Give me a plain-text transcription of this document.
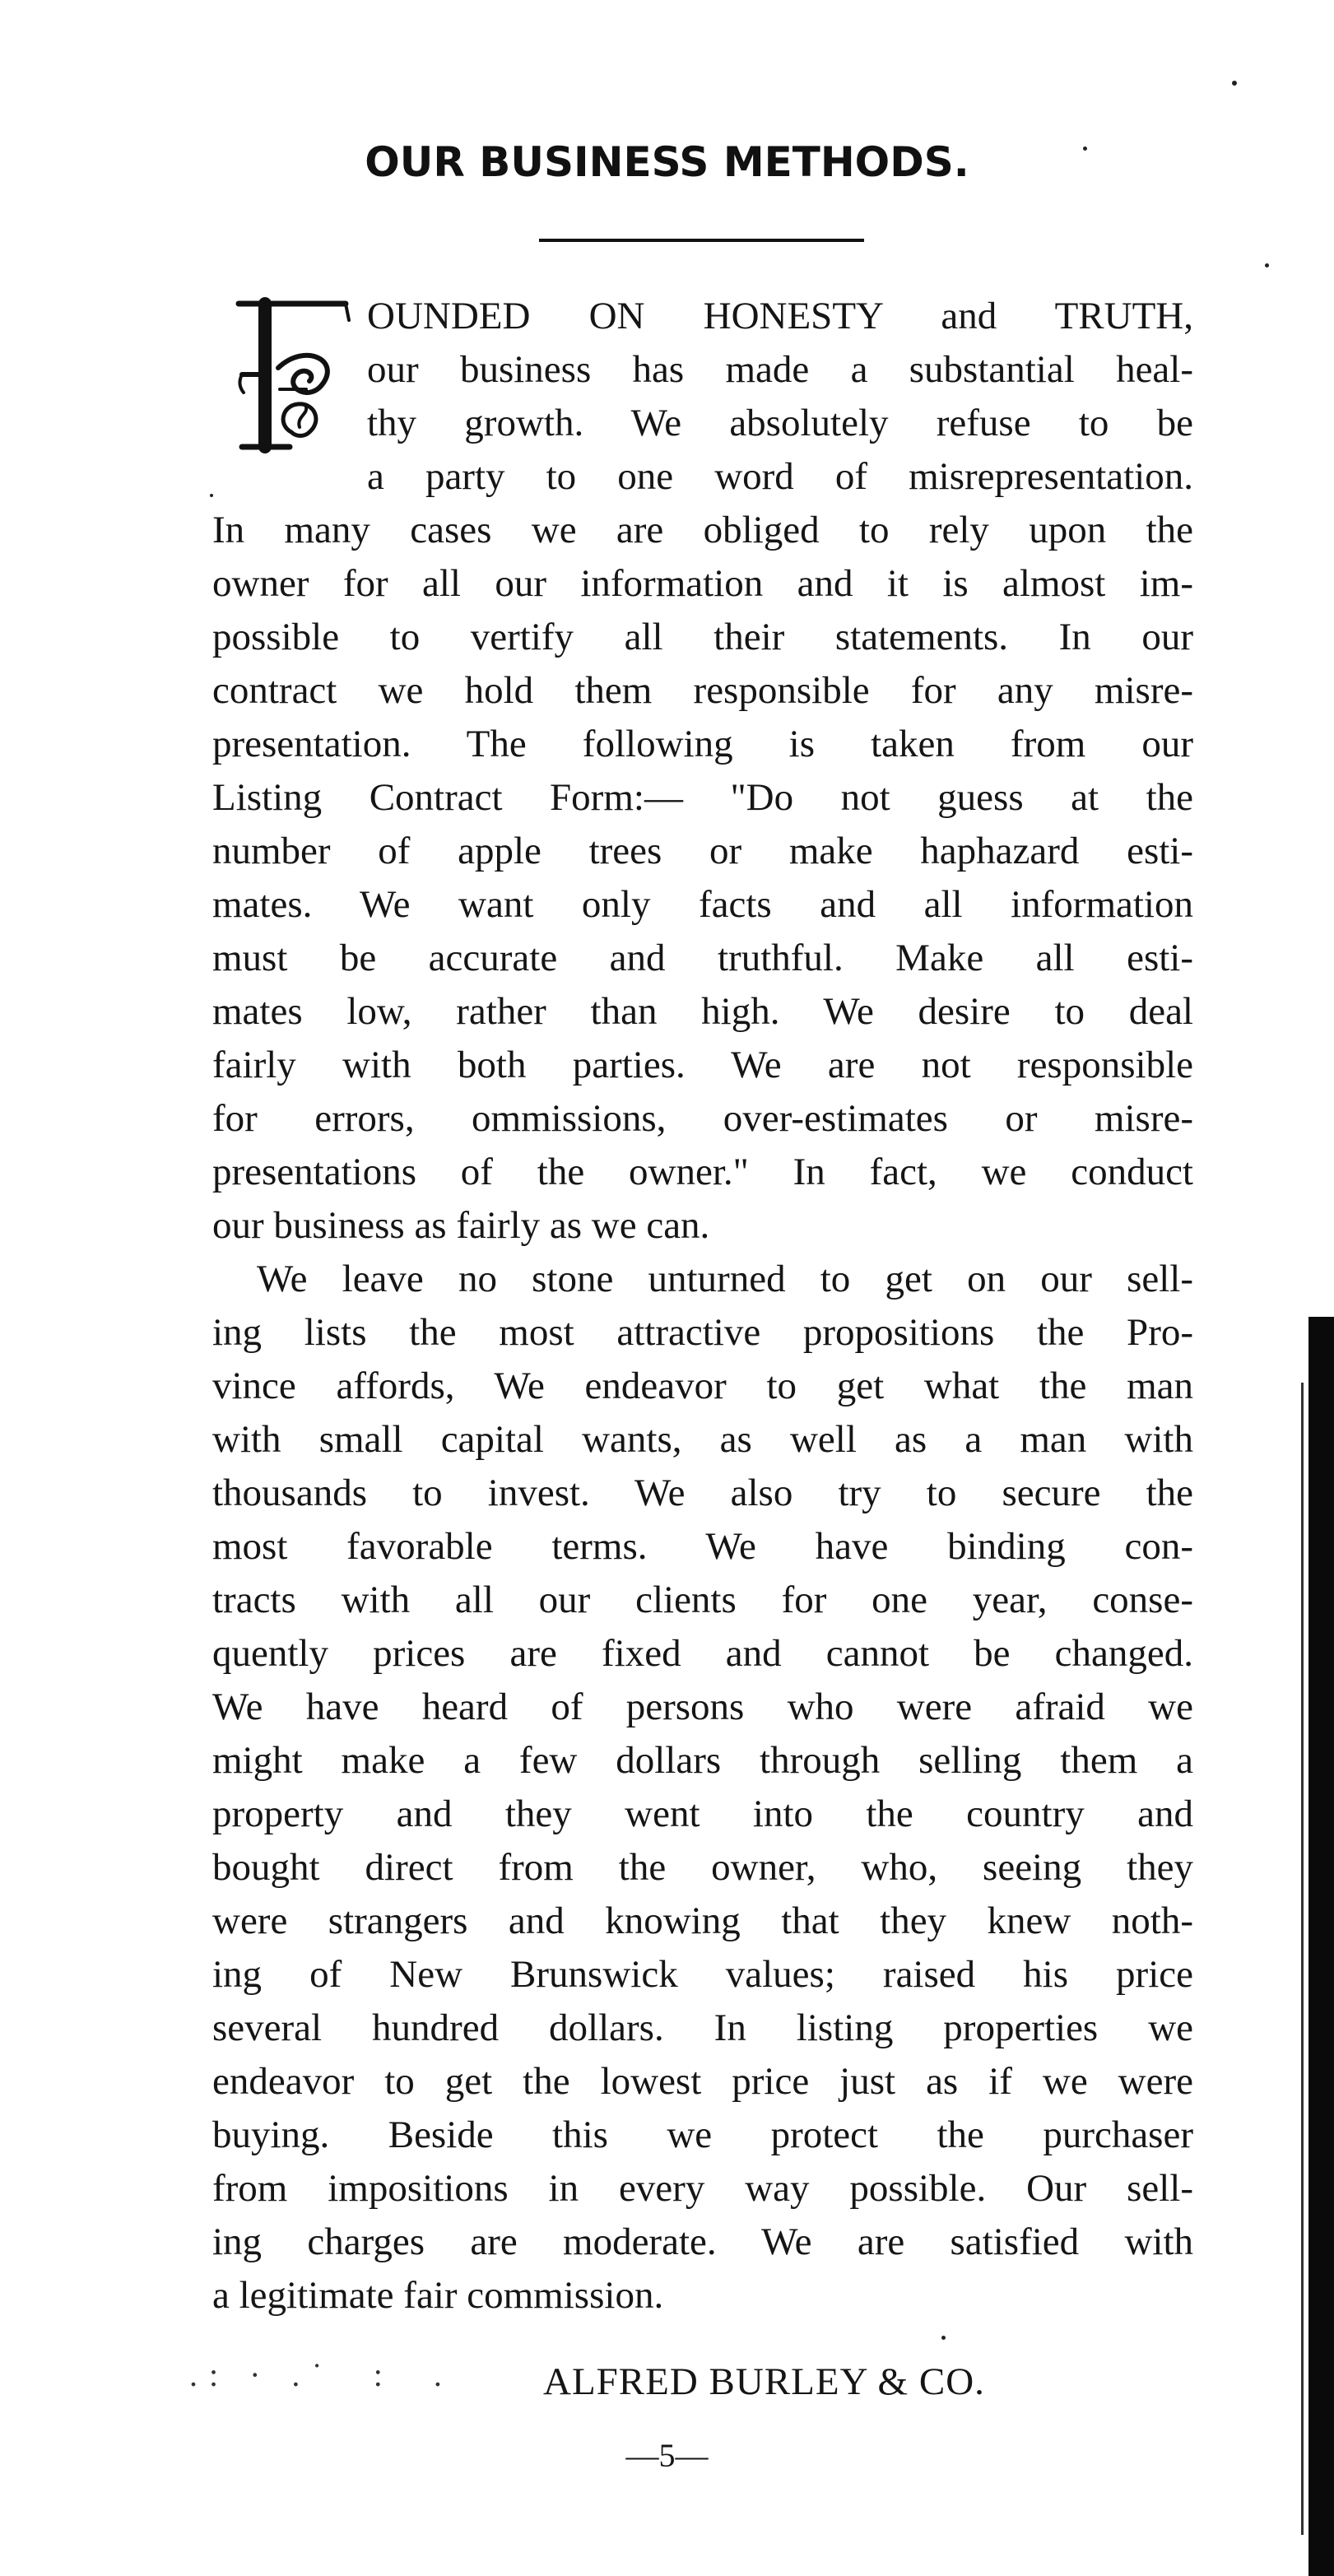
OUR BUSINESS METHODS.
OUNDED ON HONESTY and TRUTH,
our business has made a substantial heal-
thy growth. We absolutely refuse to be
a party to one word of misrepresentation.
In many cases we are obliged to rely upon the
owner for all our information and it is almost im-
possible to vertify all their statements. In our
contract we hold them responsible for any misre-
presentation. The following is taken from our
Listing Contract Form:— "Do not guess at the
number of apple trees or make haphazard esti-
mates. We want only facts and all information
must be accurate and truthful. Make all esti-
mates low, rather than high. We desire to deal
fairly with both parties. We are not responsible
for errors, ommissions, over-estimates or misre-
presentations of the owner." In fact, we conduct
our business as fairly as we can.
We leave no stone unturned to get on our sell-
ing lists the most attractive propositions the Pro-
vince affords, We endeavor to get what the man
with small capital wants, as well as a man with
thousands to invest. We also try to secure the
most favorable terms. We have binding con-
tracts with all our clients for one year, conse-
quently prices are fixed and cannot be changed.
We have heard of persons who were afraid we
might make a few dollars through selling them a
property and they went into the country and
bought direct from the owner, who, seeing they
were strangers and knowing that they knew noth-
ing of New Brunswick values; raised his price
several hundred dollars. In listing properties we
endeavor to get the lowest price just as if we were
buying. Beside this we protect the purchaser
from impositions in every way possible. Our sell-
ing charges are moderate. We are satisfied with
a legitimate fair commission.
.: · .˙  :  . ALFRED BURLEY & CO.
—5—
